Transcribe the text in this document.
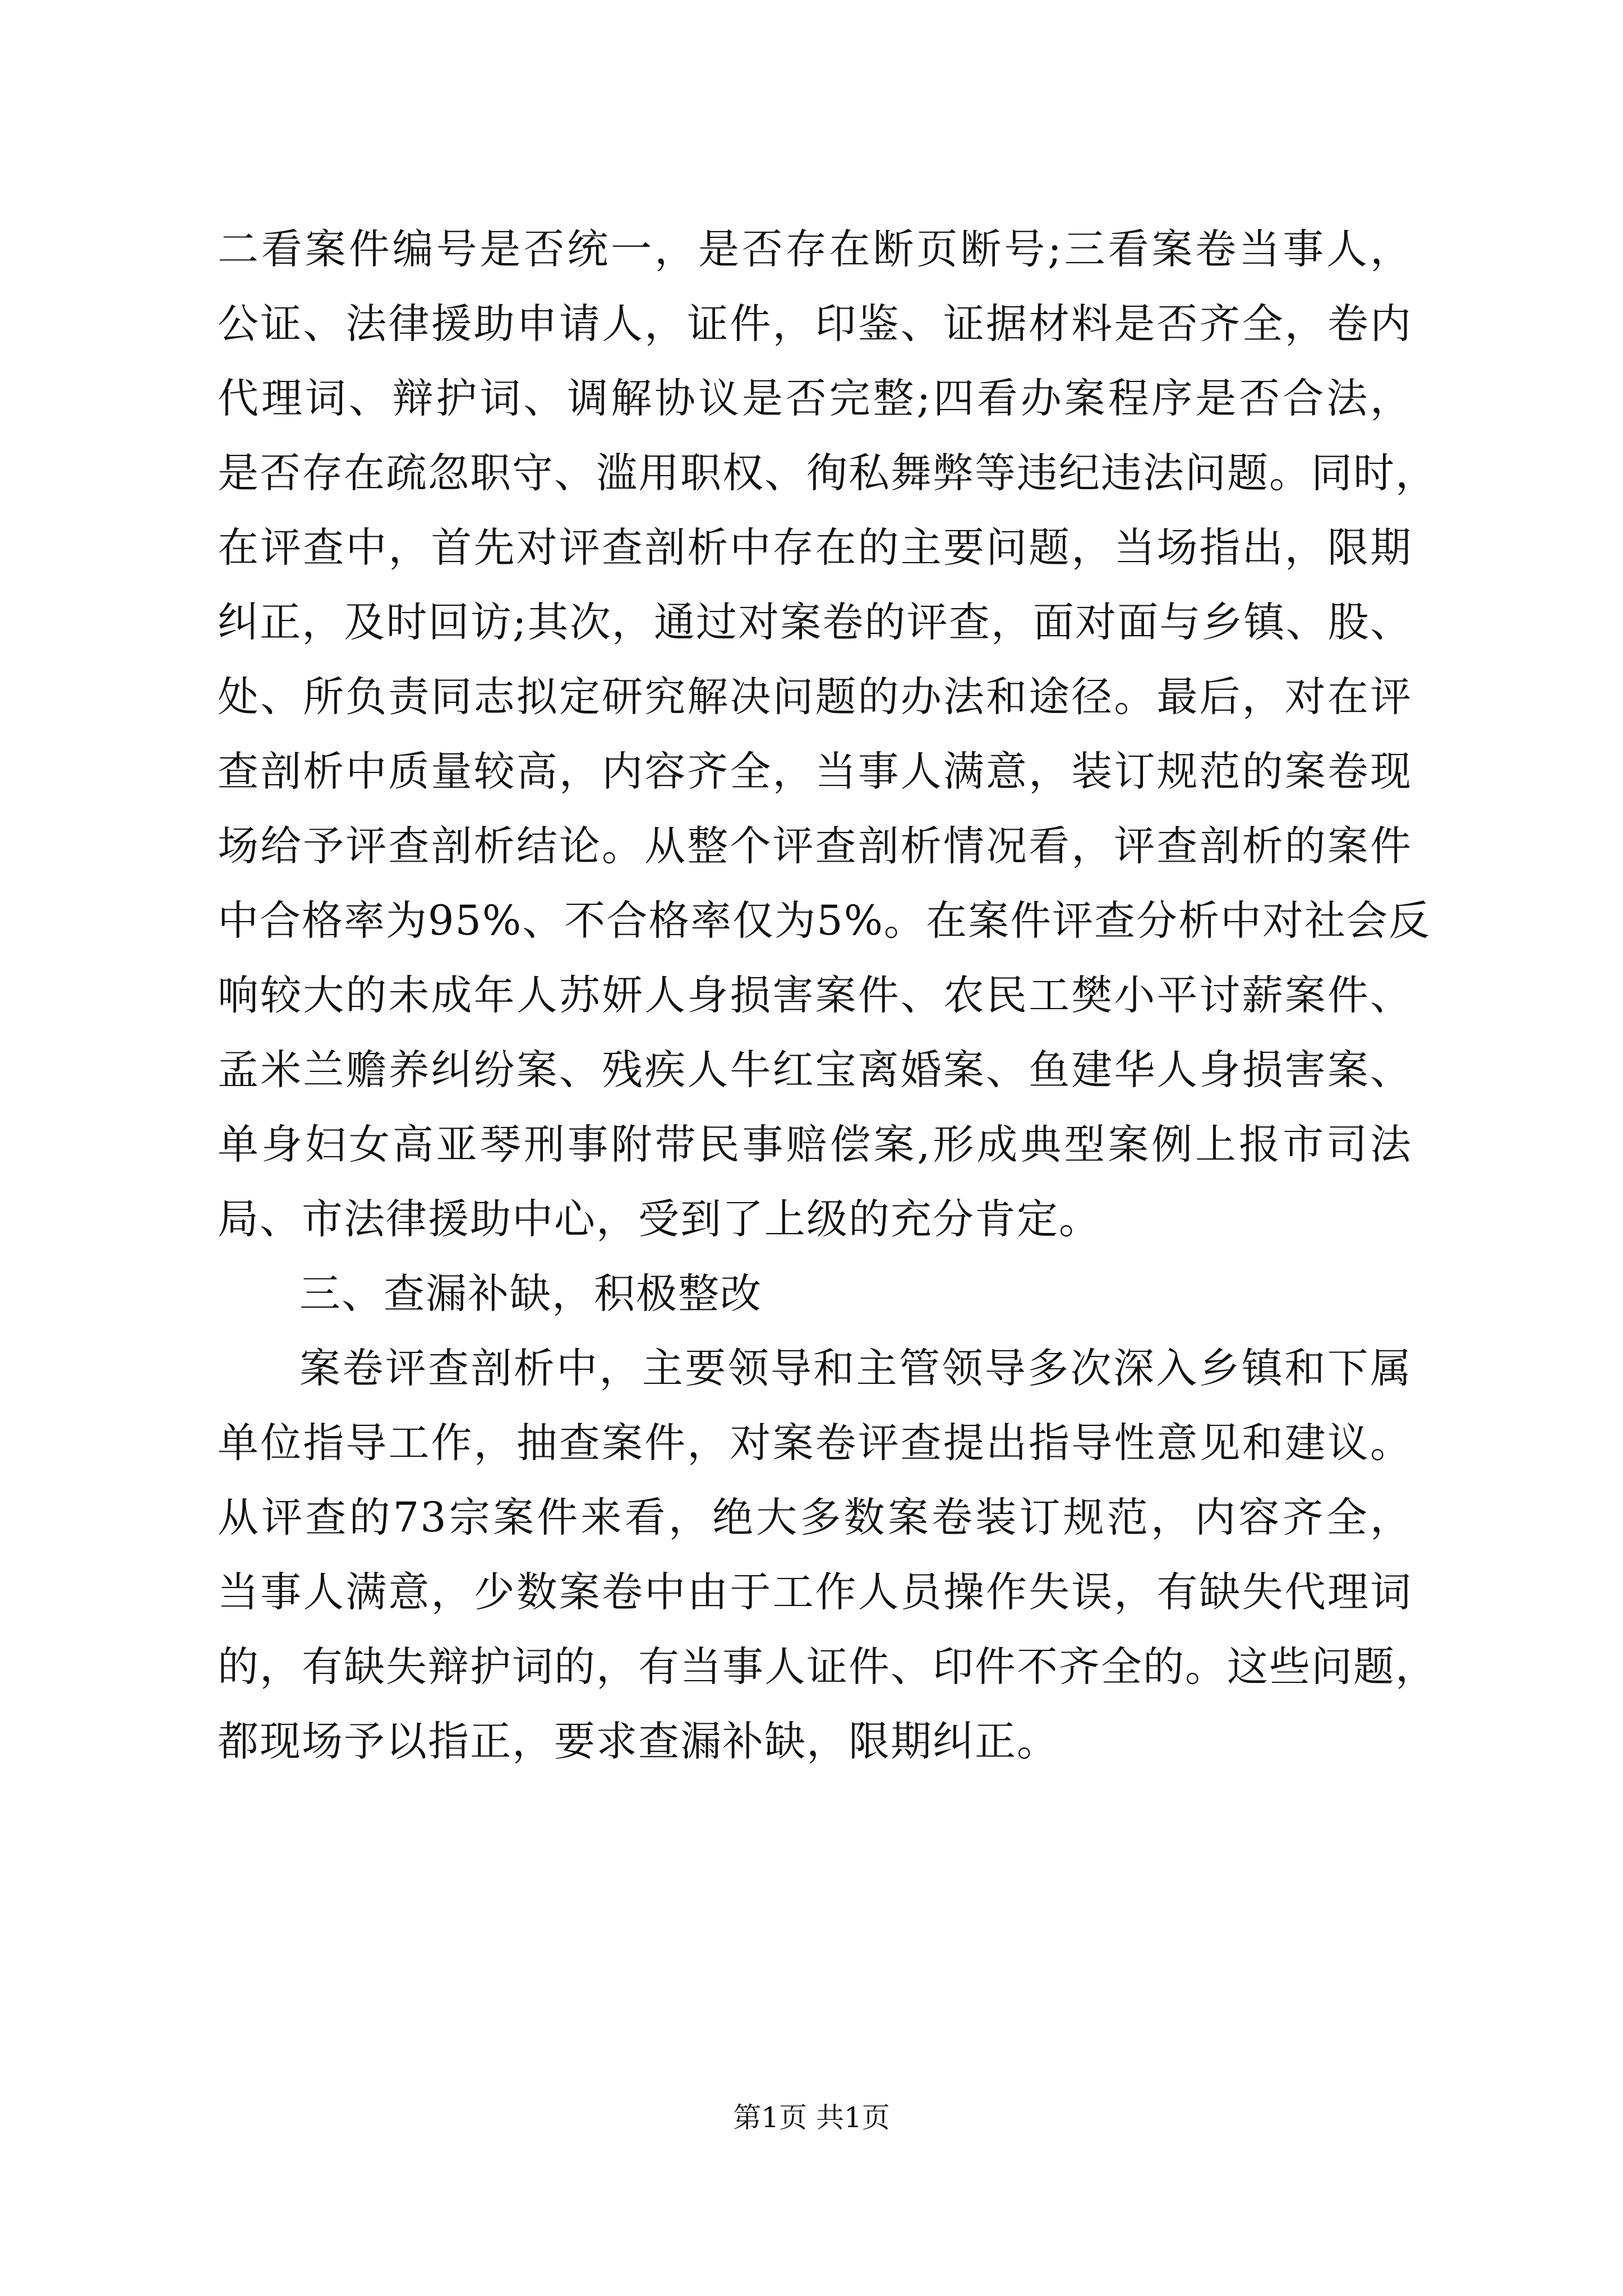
二看案件编号是否统一，是否存在断页断号;三看案卷当事人，
公证、法律援助申请人，证件，印鉴、证据材料是否齐全，卷内
代理词、辩护词、调解协议是否完整;四看办案程序是否合法，
是否存在疏忽职守、滥用职权、徇私舞弊等违纪违法问题。同时，
在评查中，首先对评查剖析中存在的主要问题，当场指出，限期
纠正，及时回访;其次，通过对案卷的评查，面对面与乡镇、股、
处、所负责同志拟定研究解决问题的办法和途径。最后，对在评
查剖析中质量较高，内容齐全，当事人满意，装订规范的案卷现
场给予评查剖析结论。从整个评查剖析情况看，评查剖析的案件
中合格率为95%、不合格率仅为5%。在案件评查分析中对社会反
响较大的未成年人苏妍人身损害案件、农民工樊小平讨薪案件、
孟米兰赡养纠纷案、残疾人牛红宝离婚案、鱼建华人身损害案、
单身妇女高亚琴刑事附带民事赔偿案,形成典型案例上报市司法
局、市法律援助中心，受到了上级的充分肯定。
三、查漏补缺，积极整改
案卷评查剖析中，主要领导和主管领导多次深入乡镇和下属
单位指导工作，抽查案件，对案卷评查提出指导性意见和建议。
从评查的73宗案件来看，绝大多数案卷装订规范，内容齐全，
当事人满意，少数案卷中由于工作人员操作失误，有缺失代理词
的，有缺失辩护词的，有当事人证件、印件不齐全的。这些问题，
都现场予以指正，要求查漏补缺，限期纠正。
第1页 共1页
